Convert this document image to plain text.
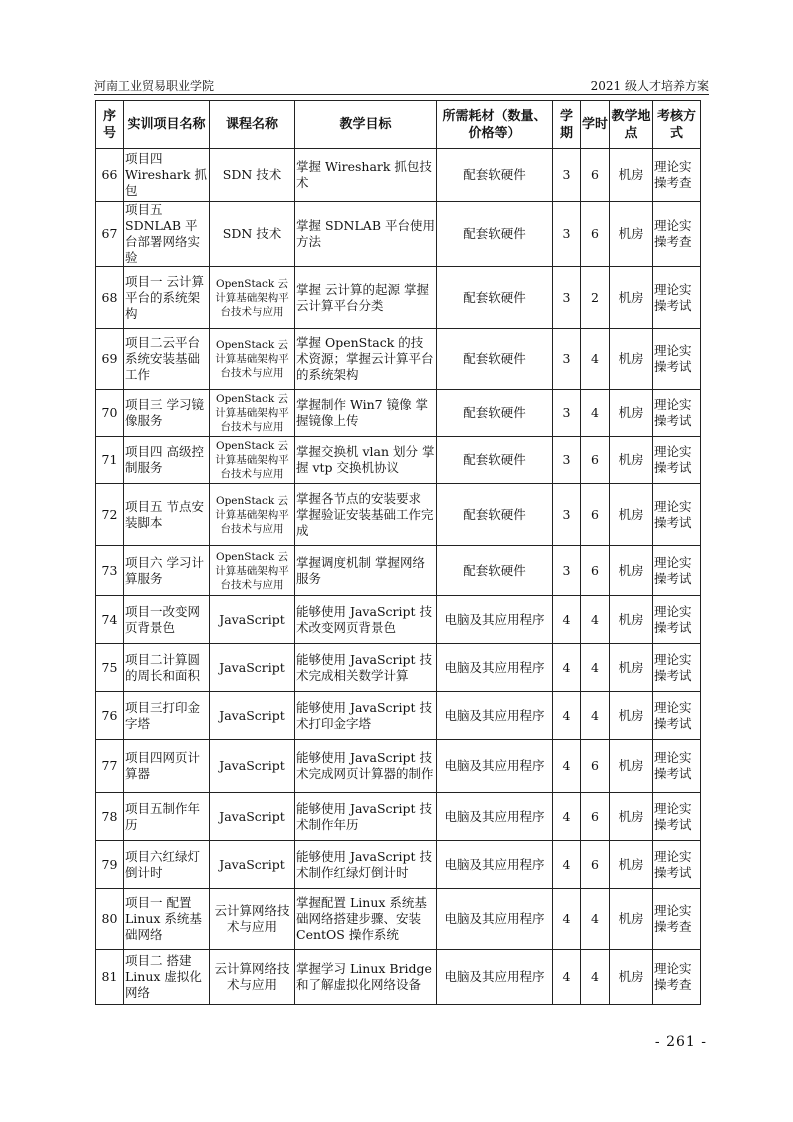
河南工业贸易职业学院	2021 级人才培养方案
序号	实训项目名称	课程名称	教学目标	所需耗材（数量、价格等）	学期	学时	教学地点	考核方式
66	项目四 Wireshark 抓包	SDN 技术	掌握 Wireshark 抓包技术	配套软硬件	3	6	机房	理论实操考查
67	项目五 SDNLAB 平台部署网络实验	SDN 技术	掌握 SDNLAB 平台使用方法	配套软硬件	3	6	机房	理论实操考查
68	项目一 云计算平台的系统架构	OpenStack 云计算基础架构平台技术与应用	掌握 云计算的起源 掌握 云计算平台分类	配套软硬件	3	2	机房	理论实操考试
69	项目二云平台系统安装基础工作	OpenStack 云计算基础架构平台技术与应用	掌握 OpenStack 的技术资源；掌握云计算平台的系统架构	配套软硬件	3	4	机房	理论实操考试
70	项目三 学习镜像服务	OpenStack 云计算基础架构平台技术与应用	掌握制作 Win7 镜像 掌握镜像上传	配套软硬件	3	4	机房	理论实操考试
71	项目四 高级控制服务	OpenStack 云计算基础架构平台技术与应用	掌握交换机 vlan 划分 掌握 vtp 交换机协议	配套软硬件	3	6	机房	理论实操考试
72	项目五 节点安装脚本	OpenStack 云计算基础架构平台技术与应用	掌握各节点的安装要求 掌握验证安装基础工作完成	配套软硬件	3	6	机房	理论实操考试
73	项目六 学习计算服务	OpenStack 云计算基础架构平台技术与应用	掌握调度机制 掌握网络服务	配套软硬件	3	6	机房	理论实操考试
74	项目一改变网页背景色	JavaScript	能够使用 JavaScript 技术改变网页背景色	电脑及其应用程序	4	4	机房	理论实操考试
75	项目二计算圆的周长和面积	JavaScript	能够使用 JavaScript 技术完成相关数学计算	电脑及其应用程序	4	4	机房	理论实操考试
76	项目三打印金字塔	JavaScript	能够使用 JavaScript 技术打印金字塔	电脑及其应用程序	4	4	机房	理论实操考试
77	项目四网页计算器	JavaScript	能够使用 JavaScript 技术完成网页计算器的制作	电脑及其应用程序	4	6	机房	理论实操考试
78	项目五制作年历	JavaScript	能够使用 JavaScript 技术制作年历	电脑及其应用程序	4	6	机房	理论实操考试
79	项目六红绿灯倒计时	JavaScript	能够使用 JavaScript 技术制作红绿灯倒计时	电脑及其应用程序	4	6	机房	理论实操考试
80	项目一 配置 Linux 系统基础网络	云计算网络技术与应用	掌握配置 Linux 系统基础网络搭建步骤、安装 CentOS 操作系统	电脑及其应用程序	4	4	机房	理论实操考查
81	项目二 搭建 Linux 虚拟化网络	云计算网络技术与应用	掌握学习 Linux Bridge 和了解虚拟化网络设备	电脑及其应用程序	4	4	机房	理论实操考查
- 261 -
